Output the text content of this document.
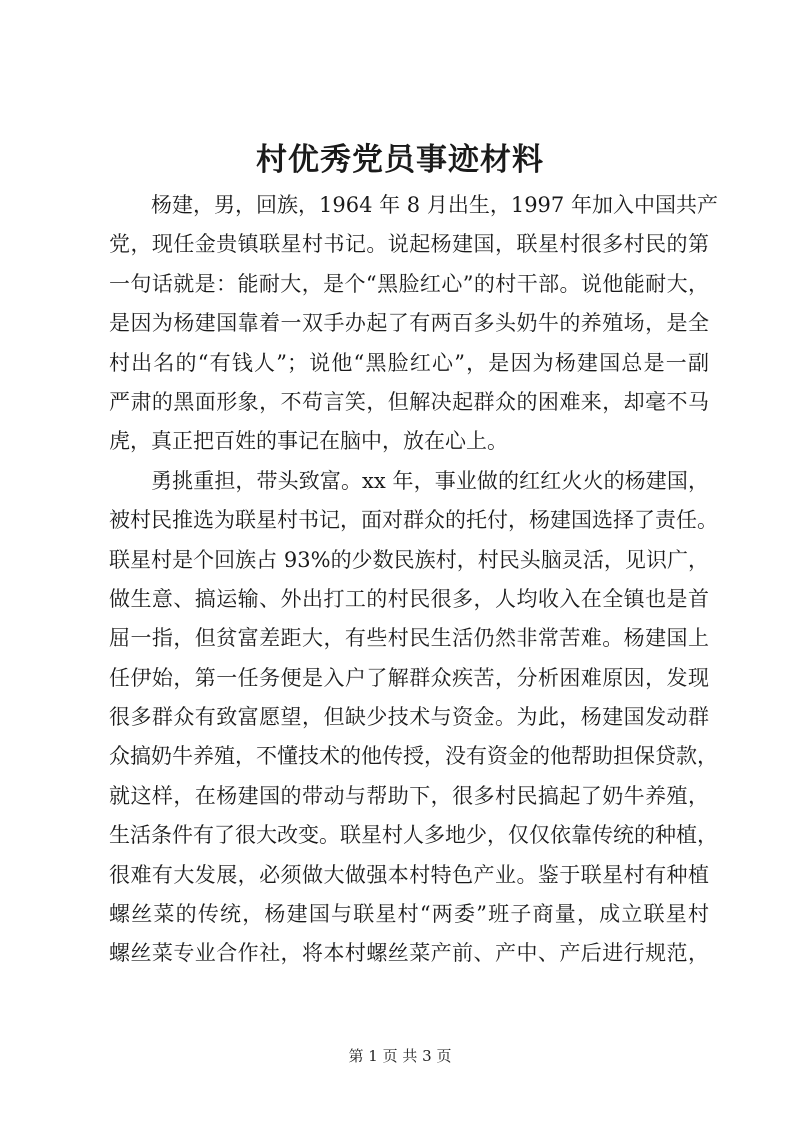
村优秀党员事迹材料
杨建，男，回族，1964 年 8 月出生，1997 年加入中国共产
党，现任金贵镇联星村书记。说起杨建国，联星村很多村民的第
一句话就是：能耐大，是个“黑脸红心”的村干部。说他能耐大，
是因为杨建国靠着一双手办起了有两百多头奶牛的养殖场，是全
村出名的“有钱人”；说他“黑脸红心”，是因为杨建国总是一副
严肃的黑面形象，不苟言笑，但解决起群众的困难来，却毫不马
虎，真正把百姓的事记在脑中，放在心上。
勇挑重担，带头致富。xx 年，事业做的红红火火的杨建国，
被村民推选为联星村书记，面对群众的托付，杨建国选择了责任。
联星村是个回族占 93%的少数民族村，村民头脑灵活，见识广，
做生意、搞运输、外出打工的村民很多，人均收入在全镇也是首
屈一指，但贫富差距大，有些村民生活仍然非常苦难。杨建国上
任伊始，第一任务便是入户了解群众疾苦，分析困难原因，发现
很多群众有致富愿望，但缺少技术与资金。为此，杨建国发动群
众搞奶牛养殖，不懂技术的他传授，没有资金的他帮助担保贷款，
就这样，在杨建国的带动与帮助下，很多村民搞起了奶牛养殖，
生活条件有了很大改变。联星村人多地少，仅仅依靠传统的种植，
很难有大发展，必须做大做强本村特色产业。鉴于联星村有种植
螺丝菜的传统，杨建国与联星村“两委”班子商量，成立联星村
螺丝菜专业合作社，将本村螺丝菜产前、产中、产后进行规范，
第 1 页 共 3 页
